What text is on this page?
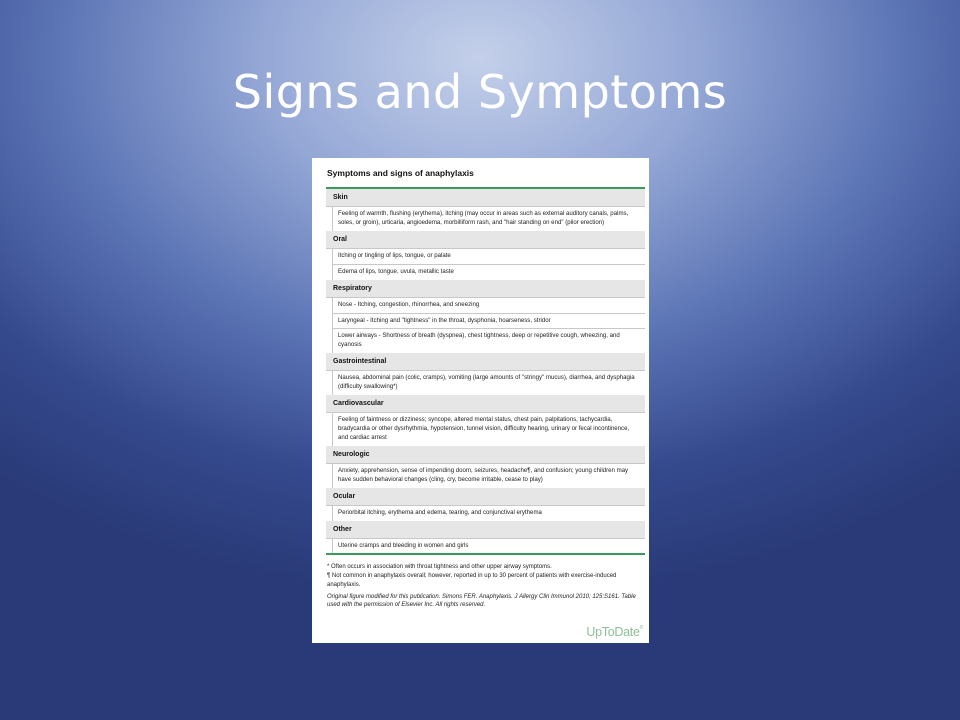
Signs and Symptoms
Symptoms and signs of anaphylaxis
Skin
Feeling of warmth, flushing (erythema), itching (may occur in areas such as external auditory canals, palms, soles, or groin), urticaria, angioedema, morbilliform rash, and "hair standing on end" (pilor erection)
Oral
Itching or tingling of lips, tongue, or palate
Edema of lips, tongue, uvula, metallic taste
Respiratory
Nose - Itching, congestion, rhinorrhea, and sneezing
Laryngeal - Itching and "tightness" in the throat, dysphonia, hoarseness, stridor
Lower airways - Shortness of breath (dyspnea), chest tightness, deep or repetitive cough, wheezing, and cyanosis
Gastrointestinal
Nausea, abdominal pain (colic, cramps), vomiting (large amounts of "stringy" mucus), diarrhea, and dysphagia (difficulty swallowing*)
Cardiovascular
Feeling of faintness or dizziness; syncope, altered mental status, chest pain, palpitations, tachycardia, bradycardia or other dysrhythmia, hypotension, tunnel vision, difficulty hearing, urinary or fecal incontinence, and cardiac arrest
Neurologic
Anxiety, apprehension, sense of impending doom, seizures, headache¶, and confusion; young children may have sudden behavioral changes (cling, cry, become irritable, cease to play)
Ocular
Periorbital itching, erythema and edema, tearing, and conjunctival erythema
Other
Uterine cramps and bleeding in women and girls
* Often occurs in association with throat tightness and other upper airway symptoms.
¶ Not common in anaphylaxis overall; however, reported in up to 30 percent of patients with exercise-induced anaphylaxis.
Original figure modified for this publication. Simons FER. Anaphylaxis. J Allergy Clin Immunol 2010; 125:S161. Table used with the permission of Elsevier Inc. All rights reserved.
UpToDate®
